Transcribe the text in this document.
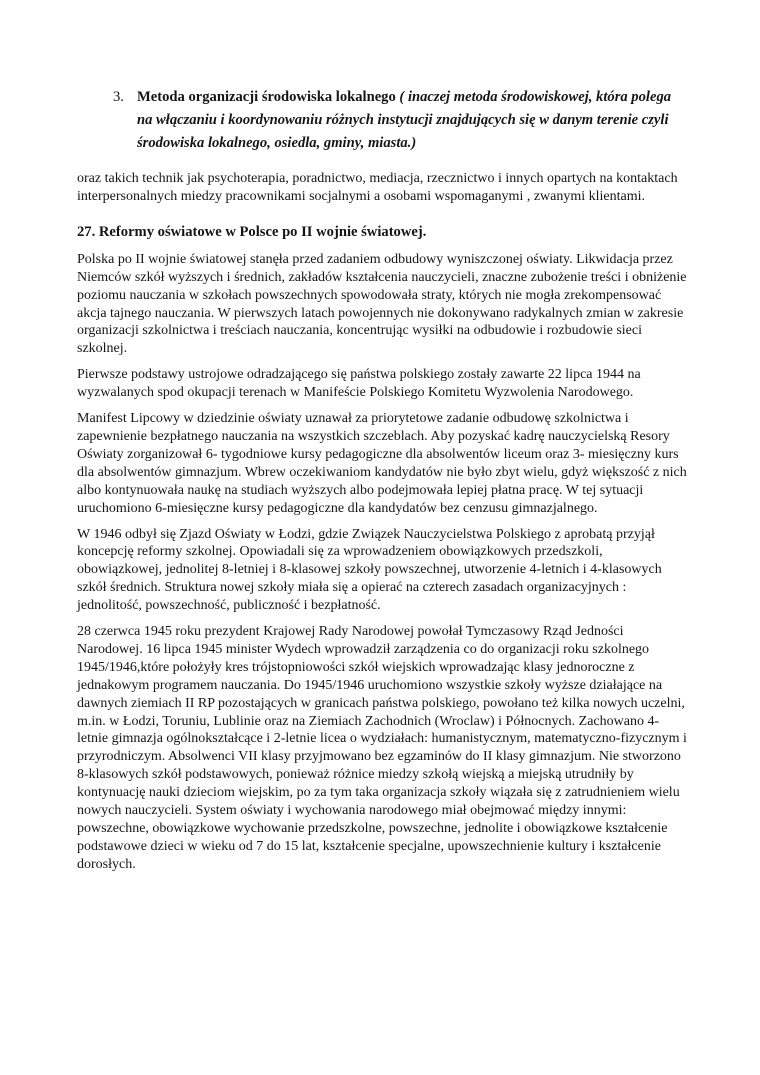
3. Metoda organizacji środowiska lokalnego ( inaczej metoda środowiskowej, która polega na włączaniu i koordynowaniu różnych instytucji znajdujących się w danym terenie czyli środowiska lokalnego, osiedla, gminy, miasta.)

oraz takich technik jak psychoterapia, poradnictwo, mediacja, rzecznictwo i innych opartych na kontaktach interpersonalnych miedzy pracownikami socjalnymi a osobami wspomaganymi , zwanymi klientami.

27. Reformy oświatowe w Polsce po II wojnie światowej.

Polska po II wojnie światowej stanęła przed zadaniem odbudowy wyniszczonej oświaty. Likwidacja przez Niemców szkół wyższych i średnich, zakładów kształcenia nauczycieli, znaczne zubożenie treści i obniżenie poziomu nauczania w szkołach powszechnych spowodowała straty, których nie mogła zrekompensować akcja tajnego nauczania. W pierwszych latach powojennych nie dokonywano radykalnych zmian w zakresie organizacji szkolnictwa i treściach nauczania, koncentrując wysiłki na odbudowie i rozbudowie sieci szkolnej.

Pierwsze podstawy ustrojowe odradzającego się państwa polskiego zostały zawarte 22 lipca 1944 na wyzwalanych spod okupacji terenach w Manifeście Polskiego Komitetu Wyzwolenia Narodowego.

Manifest Lipcowy w dziedzinie oświaty uznawał za priorytetowe zadanie odbudowę szkolnictwa i zapewnienie bezpłatnego nauczania na wszystkich szczeblach. Aby pozyskać kadrę nauczycielską Resory Oświaty zorganizował 6- tygodniowe kursy pedagogiczne dla absolwentów liceum oraz 3- miesięczny kurs dla absolwentów gimnazjum. Wbrew oczekiwaniom kandydatów nie było zbyt wielu, gdyż większość z nich albo kontynuowała naukę na studiach wyższych albo podejmowała lepiej płatna pracę. W tej sytuacji uruchomiono 6-miesięczne kursy pedagogiczne dla kandydatów bez cenzusu gimnazjalnego.

W 1946 odbył się Zjazd Oświaty w Łodzi, gdzie Związek Nauczycielstwa Polskiego z aprobatą przyjął koncepcję reformy szkolnej. Opowiadali się za wprowadzeniem obowiązkowych przedszkoli, obowiązkowej, jednolitej 8-letniej i 8-klasowej szkoły powszechnej, utworzenie 4-letnich i 4-klasowych szkół średnich. Struktura nowej szkoły miała się a opierać na czterech zasadach organizacyjnych : jednolitość, powszechność, publiczność i bezpłatność.

28 czerwca 1945 roku prezydent Krajowej Rady Narodowej powołał Tymczasowy Rząd Jedności Narodowej. 16 lipca 1945 minister Wydech wprowadził zarządzenia co do organizacji roku szkolnego 1945/1946,które położyły kres trójstopniowości szkół wiejskich wprowadzając klasy jednoroczne z jednakowym programem nauczania. Do 1945/1946 uruchomiono wszystkie szkoły wyższe działające na dawnych ziemiach II RP pozostających w granicach państwa polskiego, powołano też kilka nowych uczelni, m.in. w Łodzi, Toruniu, Lublinie oraz na Ziemiach Zachodnich (Wroclaw) i Północnych. Zachowano 4-letnie gimnazja ogólnokształcące i 2-letnie licea o wydziałach: humanistycznym, matematyczno-fizycznym i przyrodniczym. Absolwenci VII klasy przyjmowano bez egzaminów do II klasy gimnazjum. Nie stworzono 8-klasowych szkół podstawowych, ponieważ różnice miedzy szkołą wiejską a miejską utrudniły by kontynuację nauki dzieciom wiejskim, po za tym taka organizacja szkoły wiązała się z zatrudnieniem wielu nowych nauczycieli. System oświaty i wychowania narodowego miał obejmować między innymi: powszechne, obowiązkowe wychowanie przedszkolne, powszechne, jednolite i obowiązkowe kształcenie podstawowe dzieci w wieku od 7 do 15 lat, kształcenie specjalne, upowszechnienie kultury i kształcenie dorosłych.
